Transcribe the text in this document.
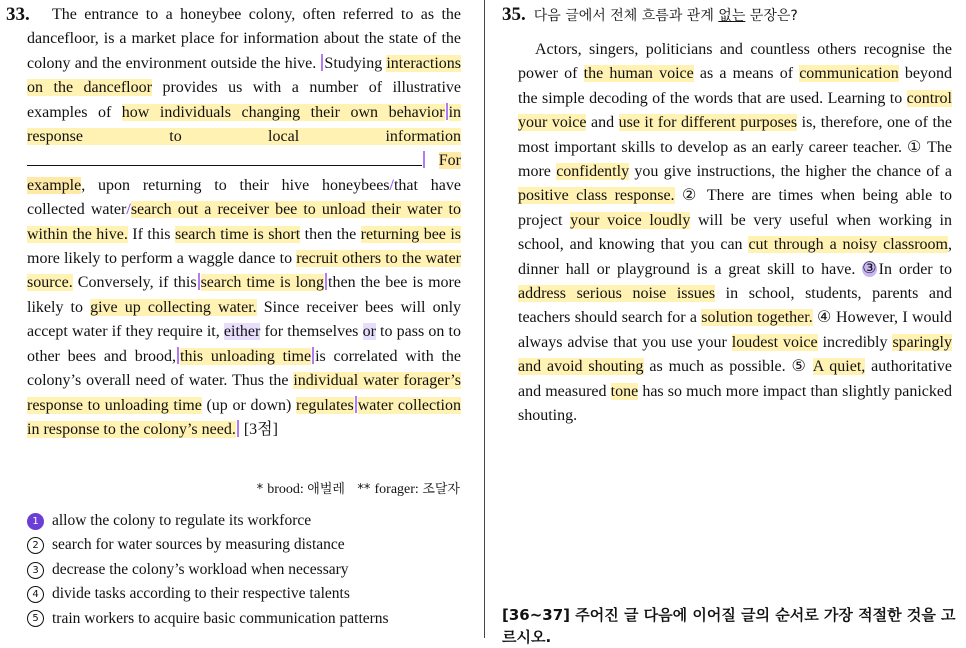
33.	The entrance to a honeybee colony, often referred to as the dancefloor, is a market place for information about the state of the colony and the environment outside the hive. Studying interactions on the dancefloor provides us with a number of illustrative examples of how individuals changing their own behavior in response to local information  For example, upon returning to their hive honeybees/that have collected water/search out a receiver bee to unload their water to within the hive. If this search time is short then the returning bee is more likely to perform a waggle dance to recruit others to the water source. Conversely, if this search time is long then the bee is more likely to give up collecting water. Since receiver bees will only accept water if they require it, either for themselves or to pass on to other bees and brood, this unloading time is correlated with the colony’s overall need of water. Thus the individual water forager’s response to unloading time (up or down) regulates water collection in response to the colony’s need. [3점]
* brood: 애벌레   ** forager: 조달자
1 allow the colony to regulate its workforce
2 search for water sources by measuring distance
3 decrease the colony’s workload when necessary
4 divide tasks according to their respective talents
5 train workers to acquire basic communication patterns
35. 다음 글에서 전체 흐름과 관계 없는 문장은?
Actors, singers, politicians and countless others recognise the power of the human voice as a means of communication beyond the simple decoding of the words that are used. Learning to control your voice and use it for different purposes is, therefore, one of the most important skills to develop as an early career teacher. ① The more confidently you give instructions, the higher the chance of a positive class response. ② There are times when being able to project your voice loudly will be very useful when working in school, and knowing that you can cut through a noisy classroom, dinner hall or playground is a great skill to have. ③ In order to address serious noise issues in school, students, parents and teachers should search for a solution together. ④ However, I would always advise that you use your loudest voice incredibly sparingly and avoid shouting as much as possible. ⑤ A quiet, authoritative and measured tone has so much more impact than slightly panicked shouting.
[36~37] 주어진 글 다음에 이어질 글의 순서로 가장 적절한 것을 고르시오.
